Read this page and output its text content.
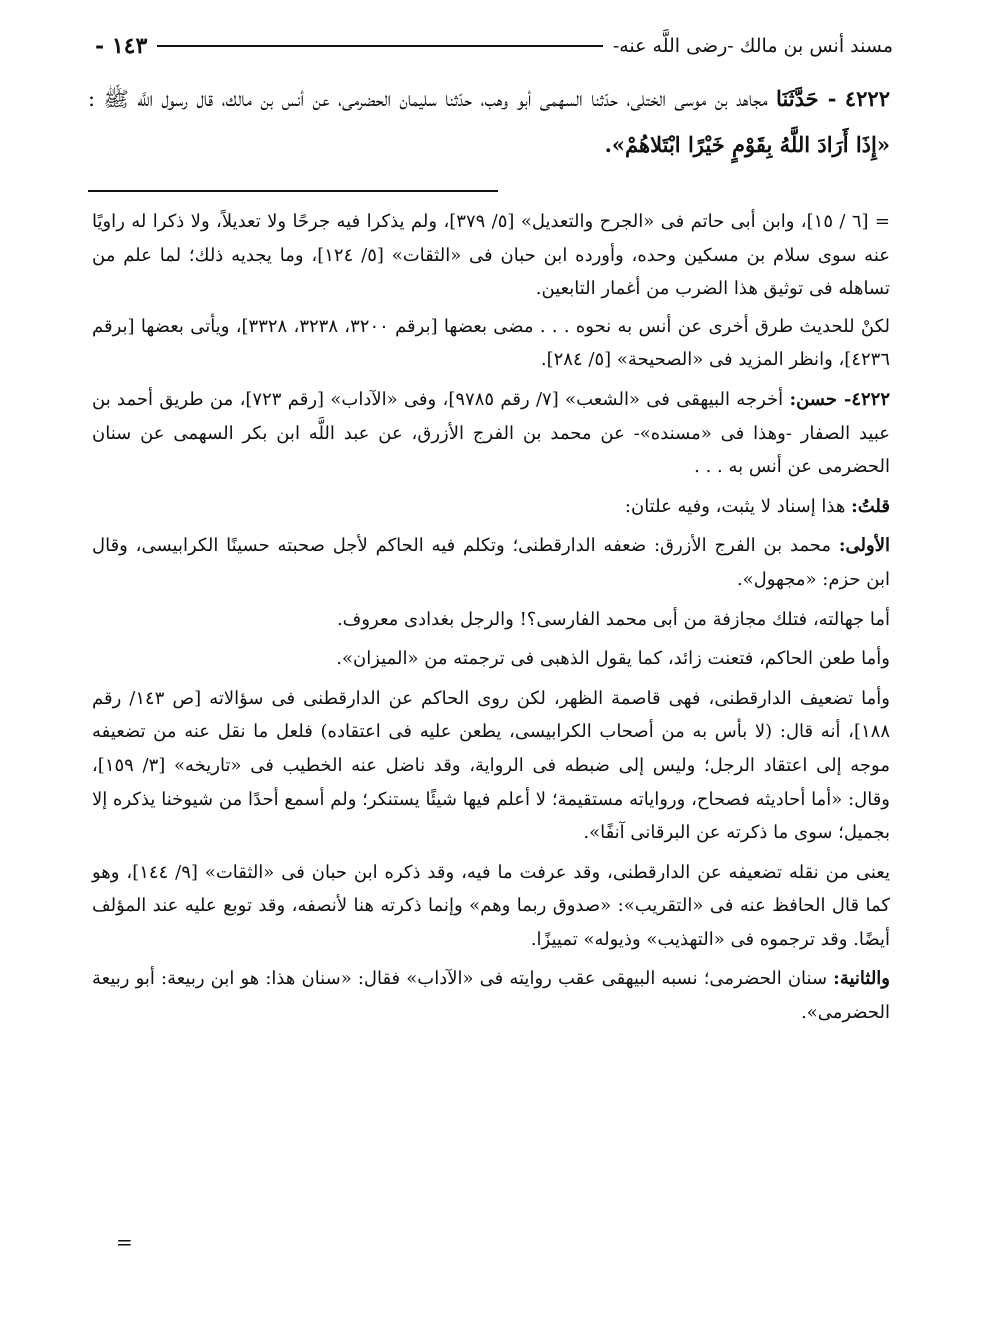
مسند أنس بن مالك -رضى اللَّه عنه-
١٤٣ -

٤٢٢٢ - حَدَّثَنَا مجاهد بن موسى الختلى، حدّثنا السهمى أبو وهب، حدّثنا سليمان الحضرمى، عن أنس بن مالك، قال رسول اللَّه ﷺ : «إِذَا أَرَادَ اللَّهُ بِقَوْمٍ خَيْرًا ابْتَلاهُمْ».

= [٦ / ١٥]، وابن أبى حاتم فى «الجرح والتعديل» [٥/ ٣٧٩]، ولم يذكرا فيه جرحًا ولا تعديلاً، ولا ذكرا له راويًا عنه سوى سلام بن مسكين وحده، وأورده ابن حبان فى «الثقات» [٥/ ١٢٤]، وما يجديه ذلك؛ لما علم من تساهله فى توثيق هذا الضرب من أغمار التابعين.

لكنْ للحديث طرق أخرى عن أنس به نحوه . . . مضى بعضها [برقم ٣٢٠٠، ٣٢٣٨، ٣٣٢٨]، ويأتى بعضها [برقم ٤٢٣٦]، وانظر المزيد فى «الصحيحة» [٥/ ٢٨٤].

٤٢٢٢- حسن: أخرجه البيهقى فى «الشعب» [٧/ رقم ٩٧٨٥]، وفى «الآداب» [رقم ٧٢٣]، من طريق أحمد بن عبيد الصفار -وهذا فى «مسنده»- عن محمد بن الفرج الأزرق، عن عبد اللَّه ابن بكر السهمى عن سنان الحضرمى عن أنس به . . .

قلتُ: هذا إسناد لا يثبت، وفيه علتان:

الأولى: محمد بن الفرج الأزرق: ضعفه الدارقطنى؛ وتكلم فيه الحاكم لأجل صحبته حسينًا الكرابيسى، وقال ابن حزم: «مجهول».

أما جهالته، فتلك مجازفة من أبى محمد الفارسى؟! والرجل بغدادى معروف.

وأما طعن الحاكم، فتعنت زائد، كما يقول الذهبى فى ترجمته من «الميزان».

وأما تضعيف الدارقطنى، فهى قاصمة الظهر، لكن روى الحاكم عن الدارقطنى فى سؤالاته [ص ١٤٣/ رقم ١٨٨]، أنه قال: (لا بأس به من أصحاب الكرابيسى، يطعن عليه فى اعتقاده) فلعل ما نقل عنه من تضعيفه موجه إلى اعتقاد الرجل؛ وليس إلى ضبطه فى الرواية، وقد ناضل عنه الخطيب فى «تاريخه» [٣/ ١٥٩]، وقال: «أما أحاديثه فصحاح، ورواياته مستقيمة؛ لا أعلم فيها شيئًا يستنكر؛ ولم أسمع أحدًا من شيوخنا يذكره إلا بجميل؛ سوى ما ذكرته عن البرقانى آنفًا».

يعنى من نقله تضعيفه عن الدارقطنى، وقد عرفت ما فيه، وقد ذكره ابن حبان فى «الثقات» [٩/ ١٤٤]، وهو كما قال الحافظ عنه فى «التقريب»: «صدوق ربما وهم» وإنما ذكرته هنا لأنصفه، وقد توبع عليه عند المؤلف أيضًا. وقد ترجموه فى «التهذيب» وذيوله» تمييزًا.

والثانية: سنان الحضرمى؛ نسبه البيهقى عقب روايته فى «الآداب» فقال: «سنان هذا: هو ابن ربيعة: أبو ربيعة الحضرمى».

=
